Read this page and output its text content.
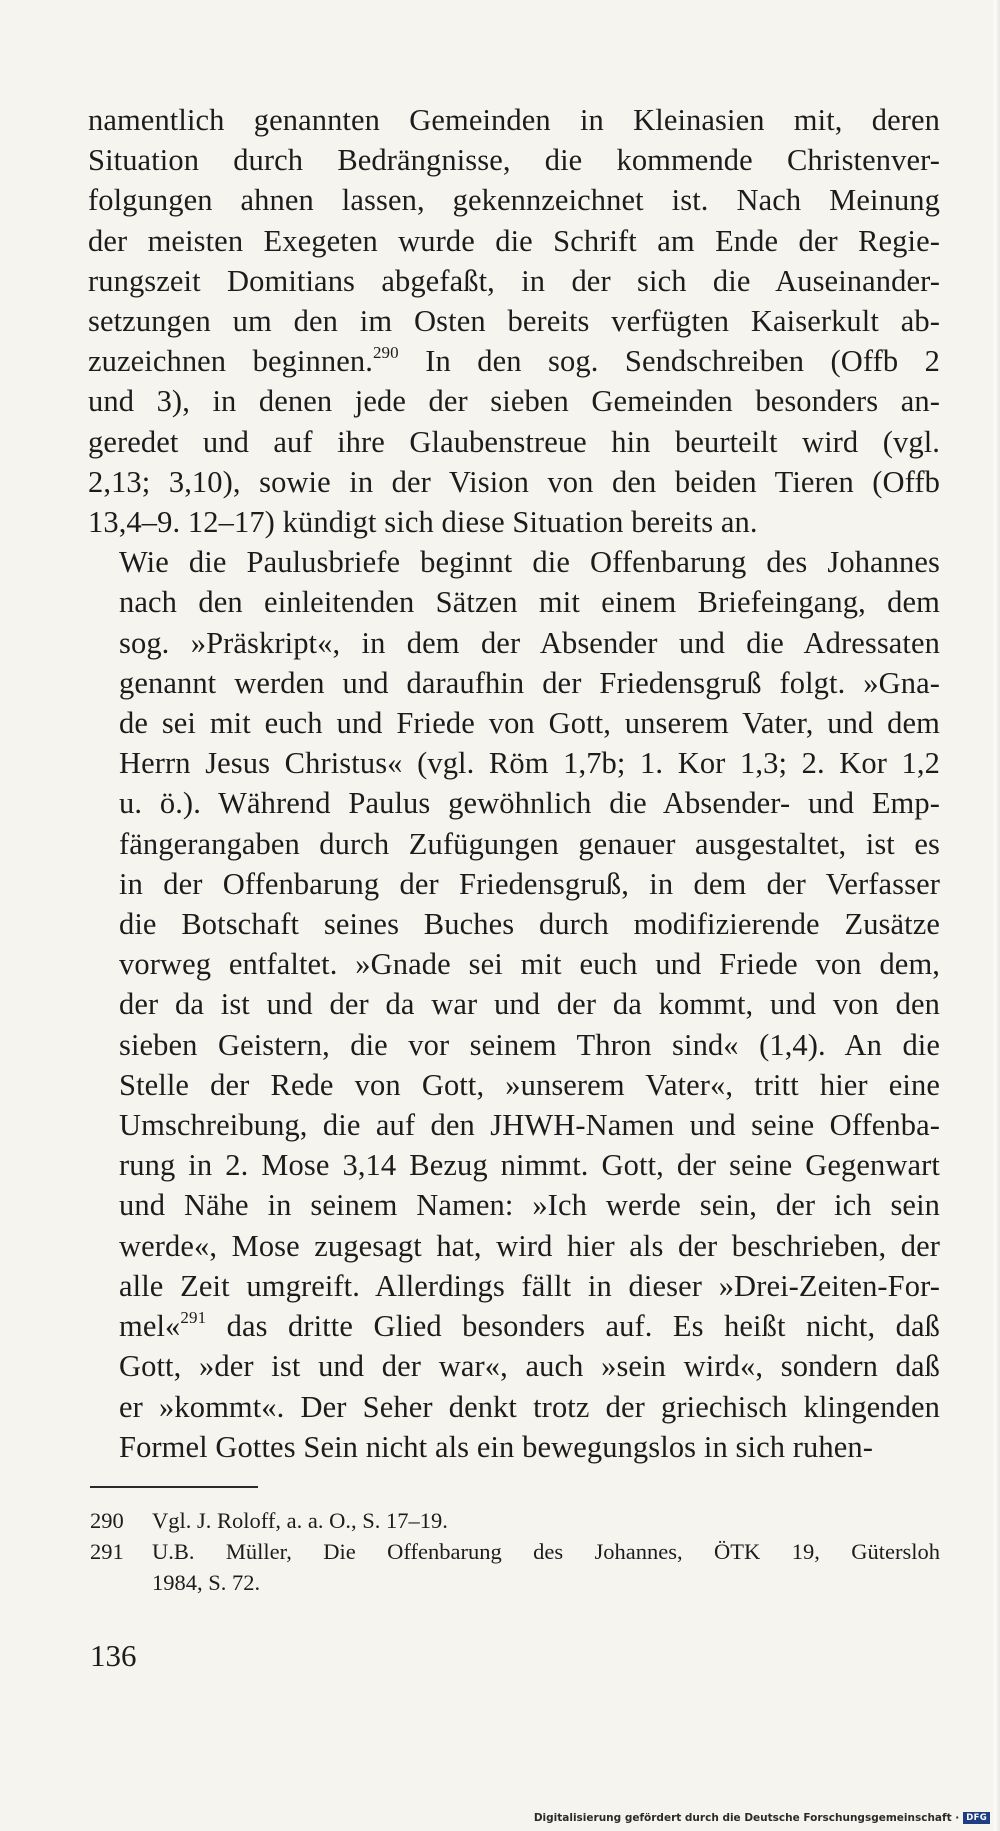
namentlich genannten Gemeinden in Kleinasien mit, deren
Situation durch Bedrängnisse, die kommende Christenver-
folgungen ahnen lassen, gekennzeichnet ist. Nach Meinung
der meisten Exegeten wurde die Schrift am Ende der Regie-
rungszeit Domitians abgefaßt, in der sich die Auseinander-
setzungen um den im Osten bereits verfügten Kaiserkult ab-
zuzeichnen beginnen.$^{290}$ In den sog. Sendschreiben (Offb 2
und 3), in denen jede der sieben Gemeinden besonders an-
geredet und auf ihre Glaubenstreue hin beurteilt wird (vgl.
2,13; 3,10), sowie in der Vision von den beiden Tieren (Offb
13,4–9. 12–17) kündigt sich diese Situation bereits an.

Wie die Paulusbriefe beginnt die Offenbarung des Johannes
nach den einleitenden Sätzen mit einem Briefeingang, dem
sog. »Präskript«, in dem der Absender und die Adressaten
genannt werden und daraufhin der Friedensgruß folgt. »Gna-
de sei mit euch und Friede von Gott, unserem Vater, und dem
Herrn Jesus Christus« (vgl. Röm 1,7b; 1. Kor 1,3; 2. Kor 1,2
u. ö.). Während Paulus gewöhnlich die Absender- und Emp-
fängerangaben durch Zufügungen genauer ausgestaltet, ist es
in der Offenbarung der Friedensgruß, in dem der Verfasser
die Botschaft seines Buches durch modifizierende Zusätze
vorweg entfaltet. »Gnade sei mit euch und Friede von dem,
der da ist und der da war und der da kommt, und von den
sieben Geistern, die vor seinem Thron sind« (1,4). An die
Stelle der Rede von Gott, »unserem Vater«, tritt hier eine
Umschreibung, die auf den JHWH-Namen und seine Offenba-
rung in 2. Mose 3,14 Bezug nimmt. Gott, der seine Gegenwart
und Nähe in seinem Namen: »Ich werde sein, der ich sein
werde«, Mose zugesagt hat, wird hier als der beschrieben, der
alle Zeit umgreift. Allerdings fällt in dieser »Drei-Zeiten-For-
mel«$^{291}$ das dritte Glied besonders auf. Es heißt nicht, daß
Gott, »der ist und der war«, auch »sein wird«, sondern daß
er »kommt«. Der Seher denkt trotz der griechisch klingenden
Formel Gottes Sein nicht als ein bewegungslos in sich ruhen-

290 Vgl. J. Roloff, a. a. O., S. 17–19.
291 U.B. Müller, Die Offenbarung des Johannes, ÖTK 19, Gütersloh
1984, S. 72.
136
Digitalisierung gefördert durch die Deutsche Forschungsgemeinschaft · DFG
